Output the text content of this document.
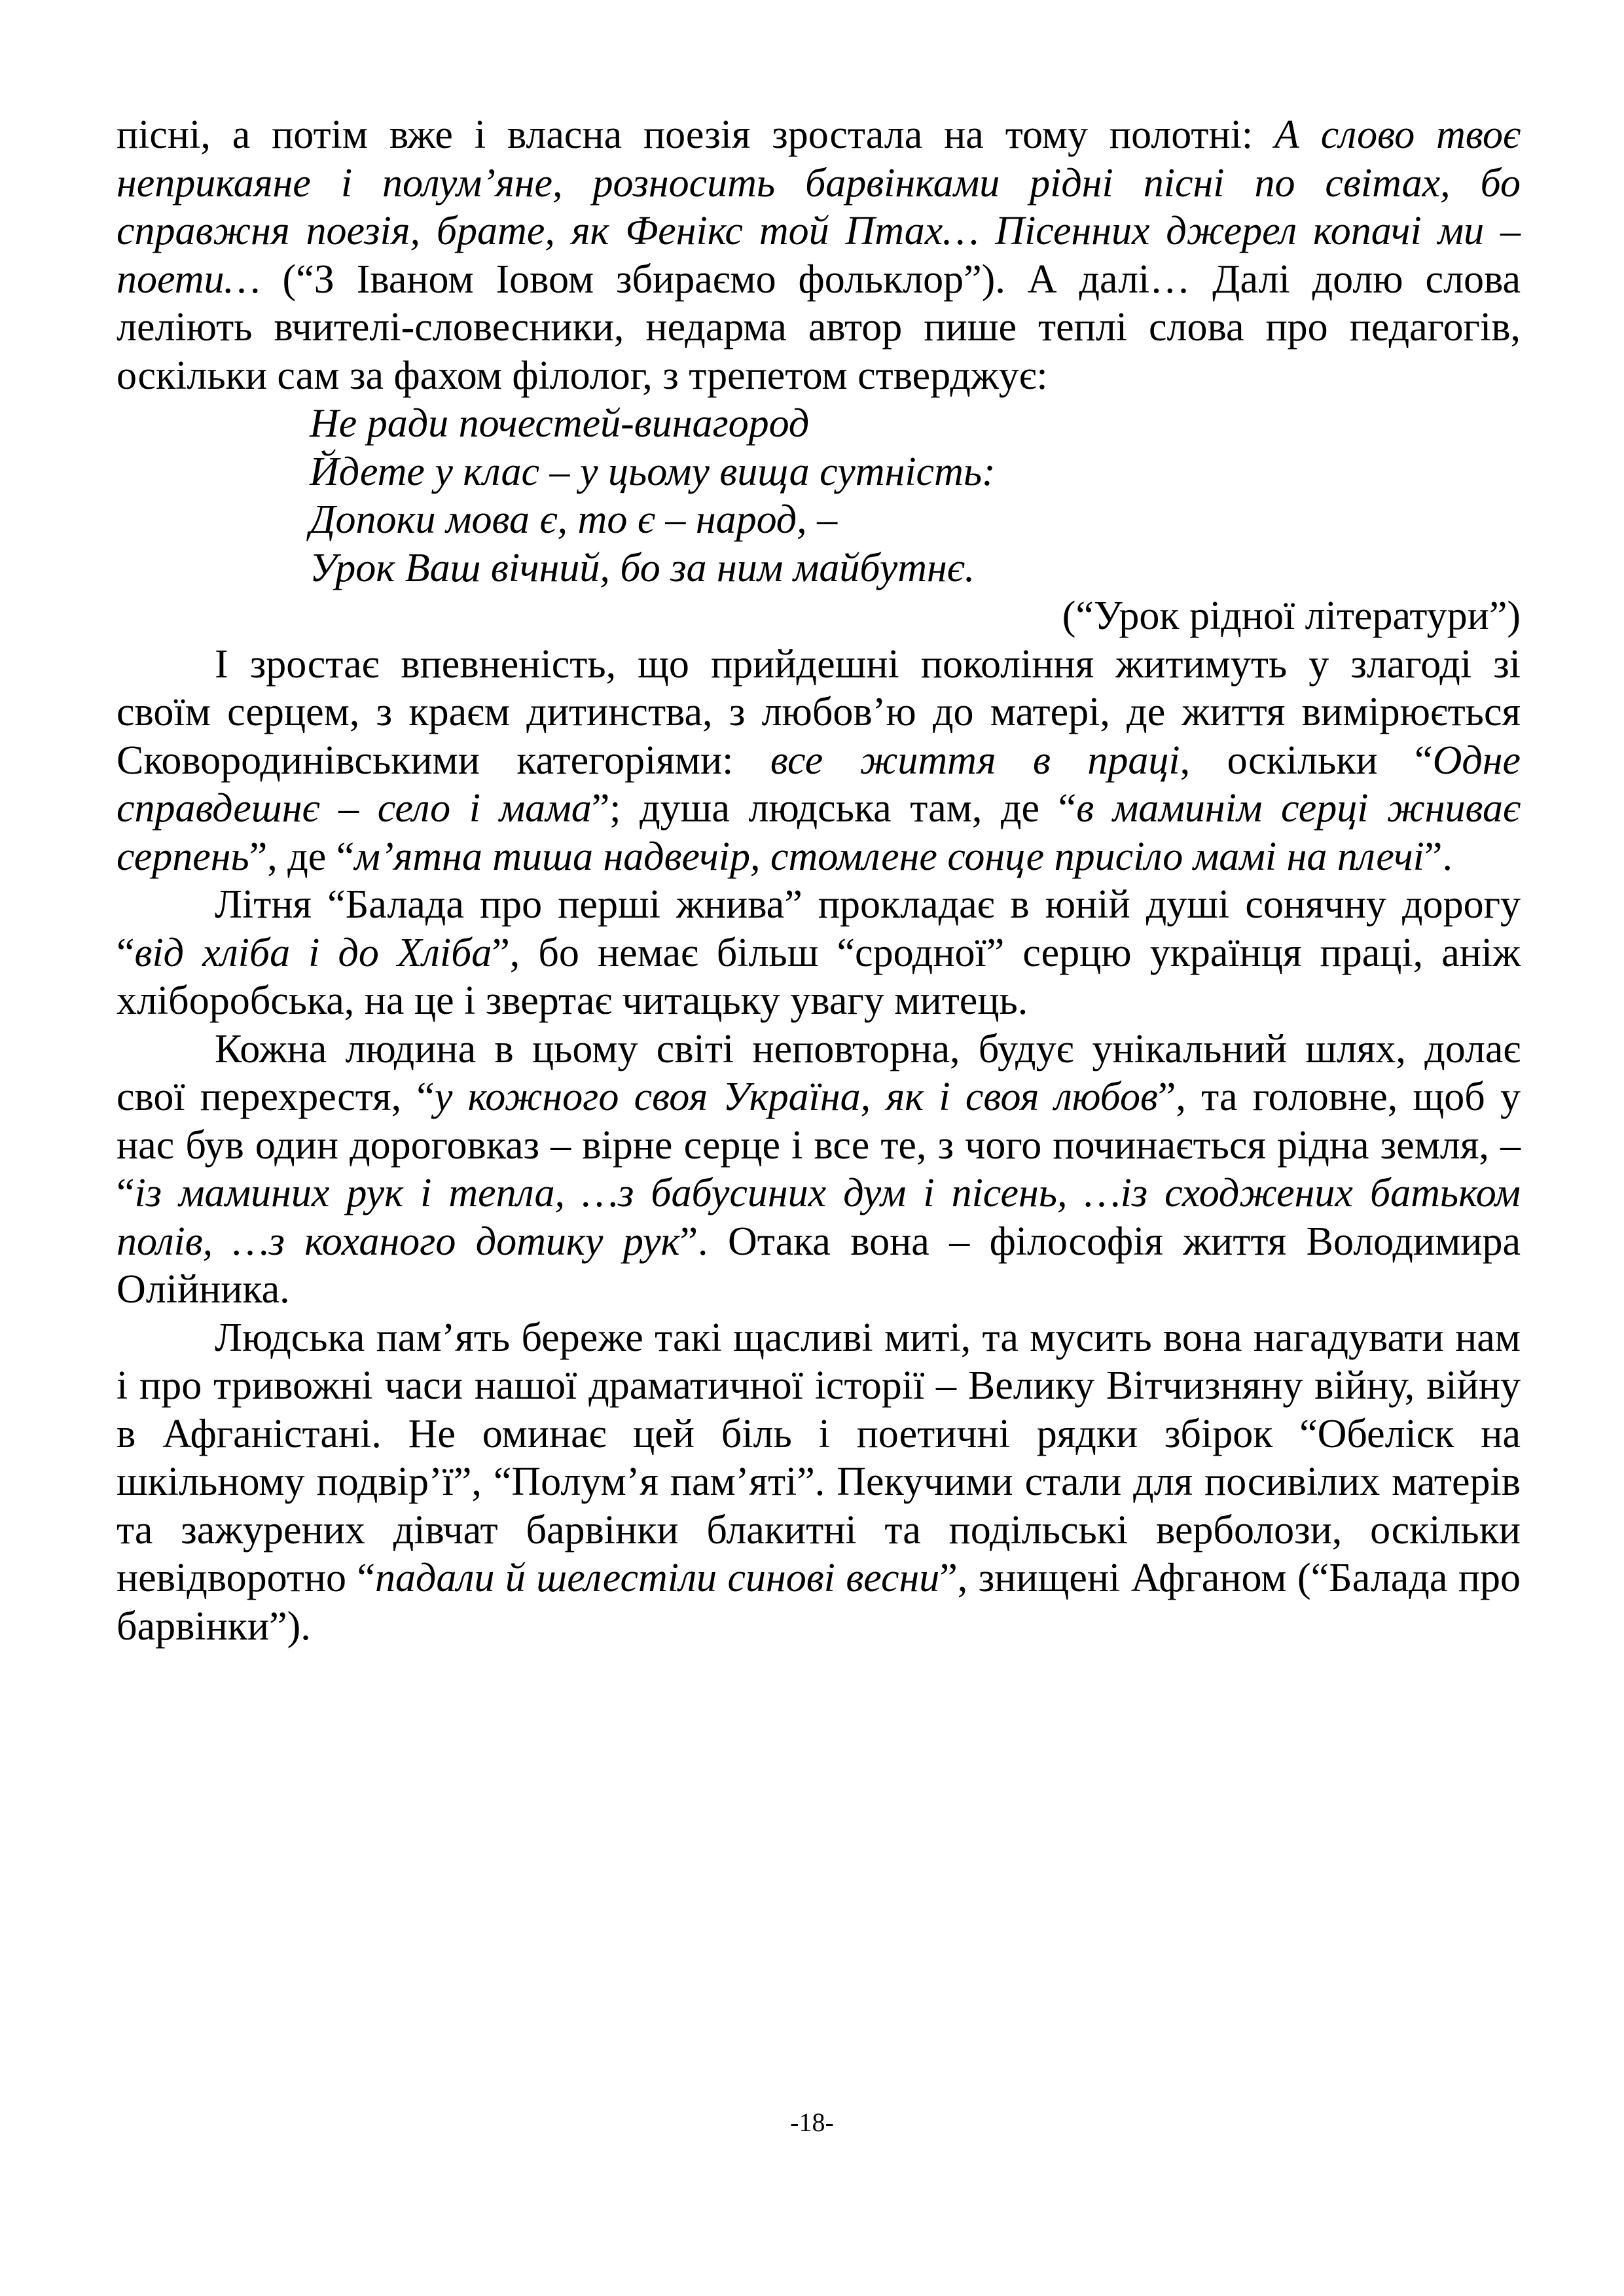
пісні, а потім вже і власна поезія зростала на тому полотні: А слово твоє неприкаяне і полум’яне, розносить барвінками рідні пісні по світах, бо справжня поезія, брате, як Фенікс той Птах… Пісенних джерел копачі ми – поети… (“З Іваном Іовом збираємо фольклор”). А далі… Далі долю слова леліють вчителі-словесники, недарма автор пише теплі слова про педагогів, оскільки сам за фахом філолог, з трепетом стверджує:

Не ради почестей-винагород
Йдете у клас – у цьому вища сутність:
Допоки мова є, то є – народ, –
Урок Ваш вічний, бо за ним майбутнє.

(“Урок рідної літератури”)

І зростає впевненість, що прийдешні покоління житимуть у злагоді зі своїм серцем, з краєм дитинства, з любов’ю до матері, де життя вимірюється Сковородинівськими категоріями: все життя в праці, оскільки “Одне справдешнє – село і мама”; душа людська там, де “в маминім серці жниває серпень”, де “м’ятна тиша надвечір, стомлене сонце присіло мамі на плечі”.

Літня “Балада про перші жнива” прокладає в юній душі сонячну дорогу “від хліба і до Хліба”, бо немає більш “сродної” серцю українця праці, аніж хліборобська, на це і звертає читацьку увагу митець.

Кожна людина в цьому світі неповторна, будує унікальний шлях, долає свої перехрестя, “у кожного своя Україна, як і своя любов”, та головне, щоб у нас був один дороговказ – вірне серце і все те, з чого починається рідна земля, – “із маминих рук і тепла, …з бабусиних дум і пісень, …із сходжених батьком полів, …з коханого дотику рук”. Отака вона – філософія життя Володимира Олійника.

Людська пам’ять береже такі щасливі миті, та мусить вона нагадувати нам і про тривожні часи нашої драматичної історії – Велику Вітчизняну війну, війну в Афганістані. Не оминає цей біль і поетичні рядки збірок “Обеліск на шкільному подвір’ї”, “Полум’я пам’яті”. Пекучими стали для посивілих матерів та зажурених дівчат барвінки блакитні та подільські верболози, оскільки невідворотно “падали й шелестіли синові весни”, знищені Афганом (“Балада про барвінки”).

-18-
